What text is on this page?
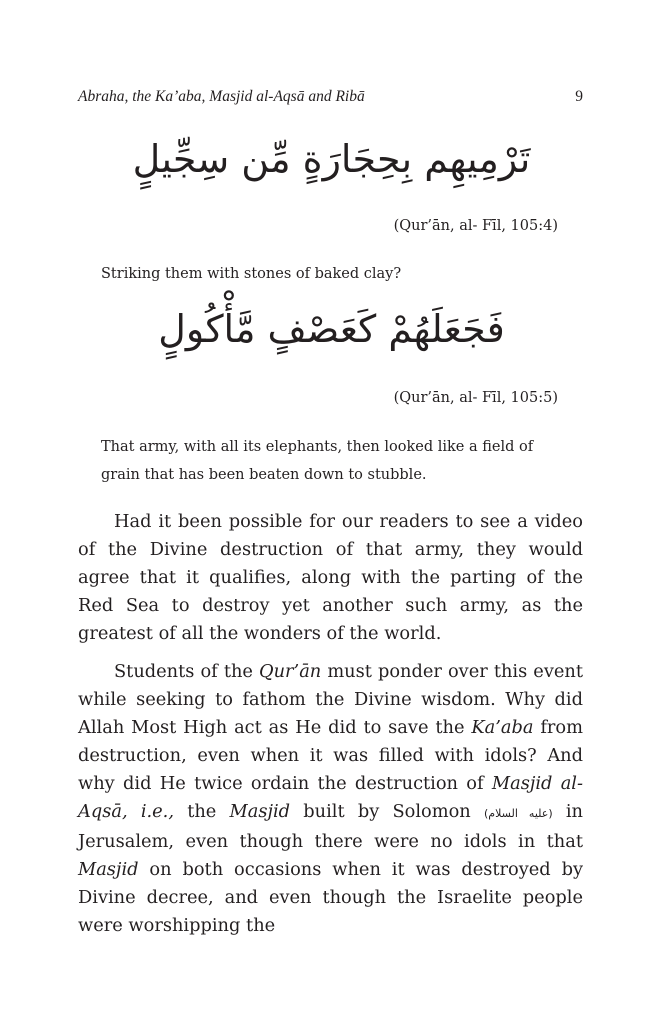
Abraha, the Ka’aba, Masjid al-Aqsā and Ribā	9
تَرْمِيهِم بِحِجَارَةٍ مِّن سِجِّيلٍ
(Qur’ān, al- Fīl, 105:4)
Striking them with stones of baked clay?
فَجَعَلَهُمْ كَعَصْفٍ مَّأْكُولٍ
(Qur’ān, al- Fīl, 105:5)
That army, with all its elephants, then looked like a field of grain that has been beaten down to stubble.

Had it been possible for our readers to see a video of the Divine destruction of that army, they would agree that it qualifies, along with the parting of the Red Sea to destroy yet another such army, as the greatest of all the wonders of the world.

Students of the Qur’ān must ponder over this event while seeking to fathom the Divine wisdom. Why did Allah Most High act as He did to save the Ka’aba from destruction, even when it was filled with idols? And why did He twice ordain the destruction of Masjid al-Aqsā, i.e., the Masjid built by Solomon (عليه السلام) in Jerusalem, even though there were no idols in that Masjid on both occasions when it was destroyed by Divine decree, and even though the Israelite people were worshipping the
